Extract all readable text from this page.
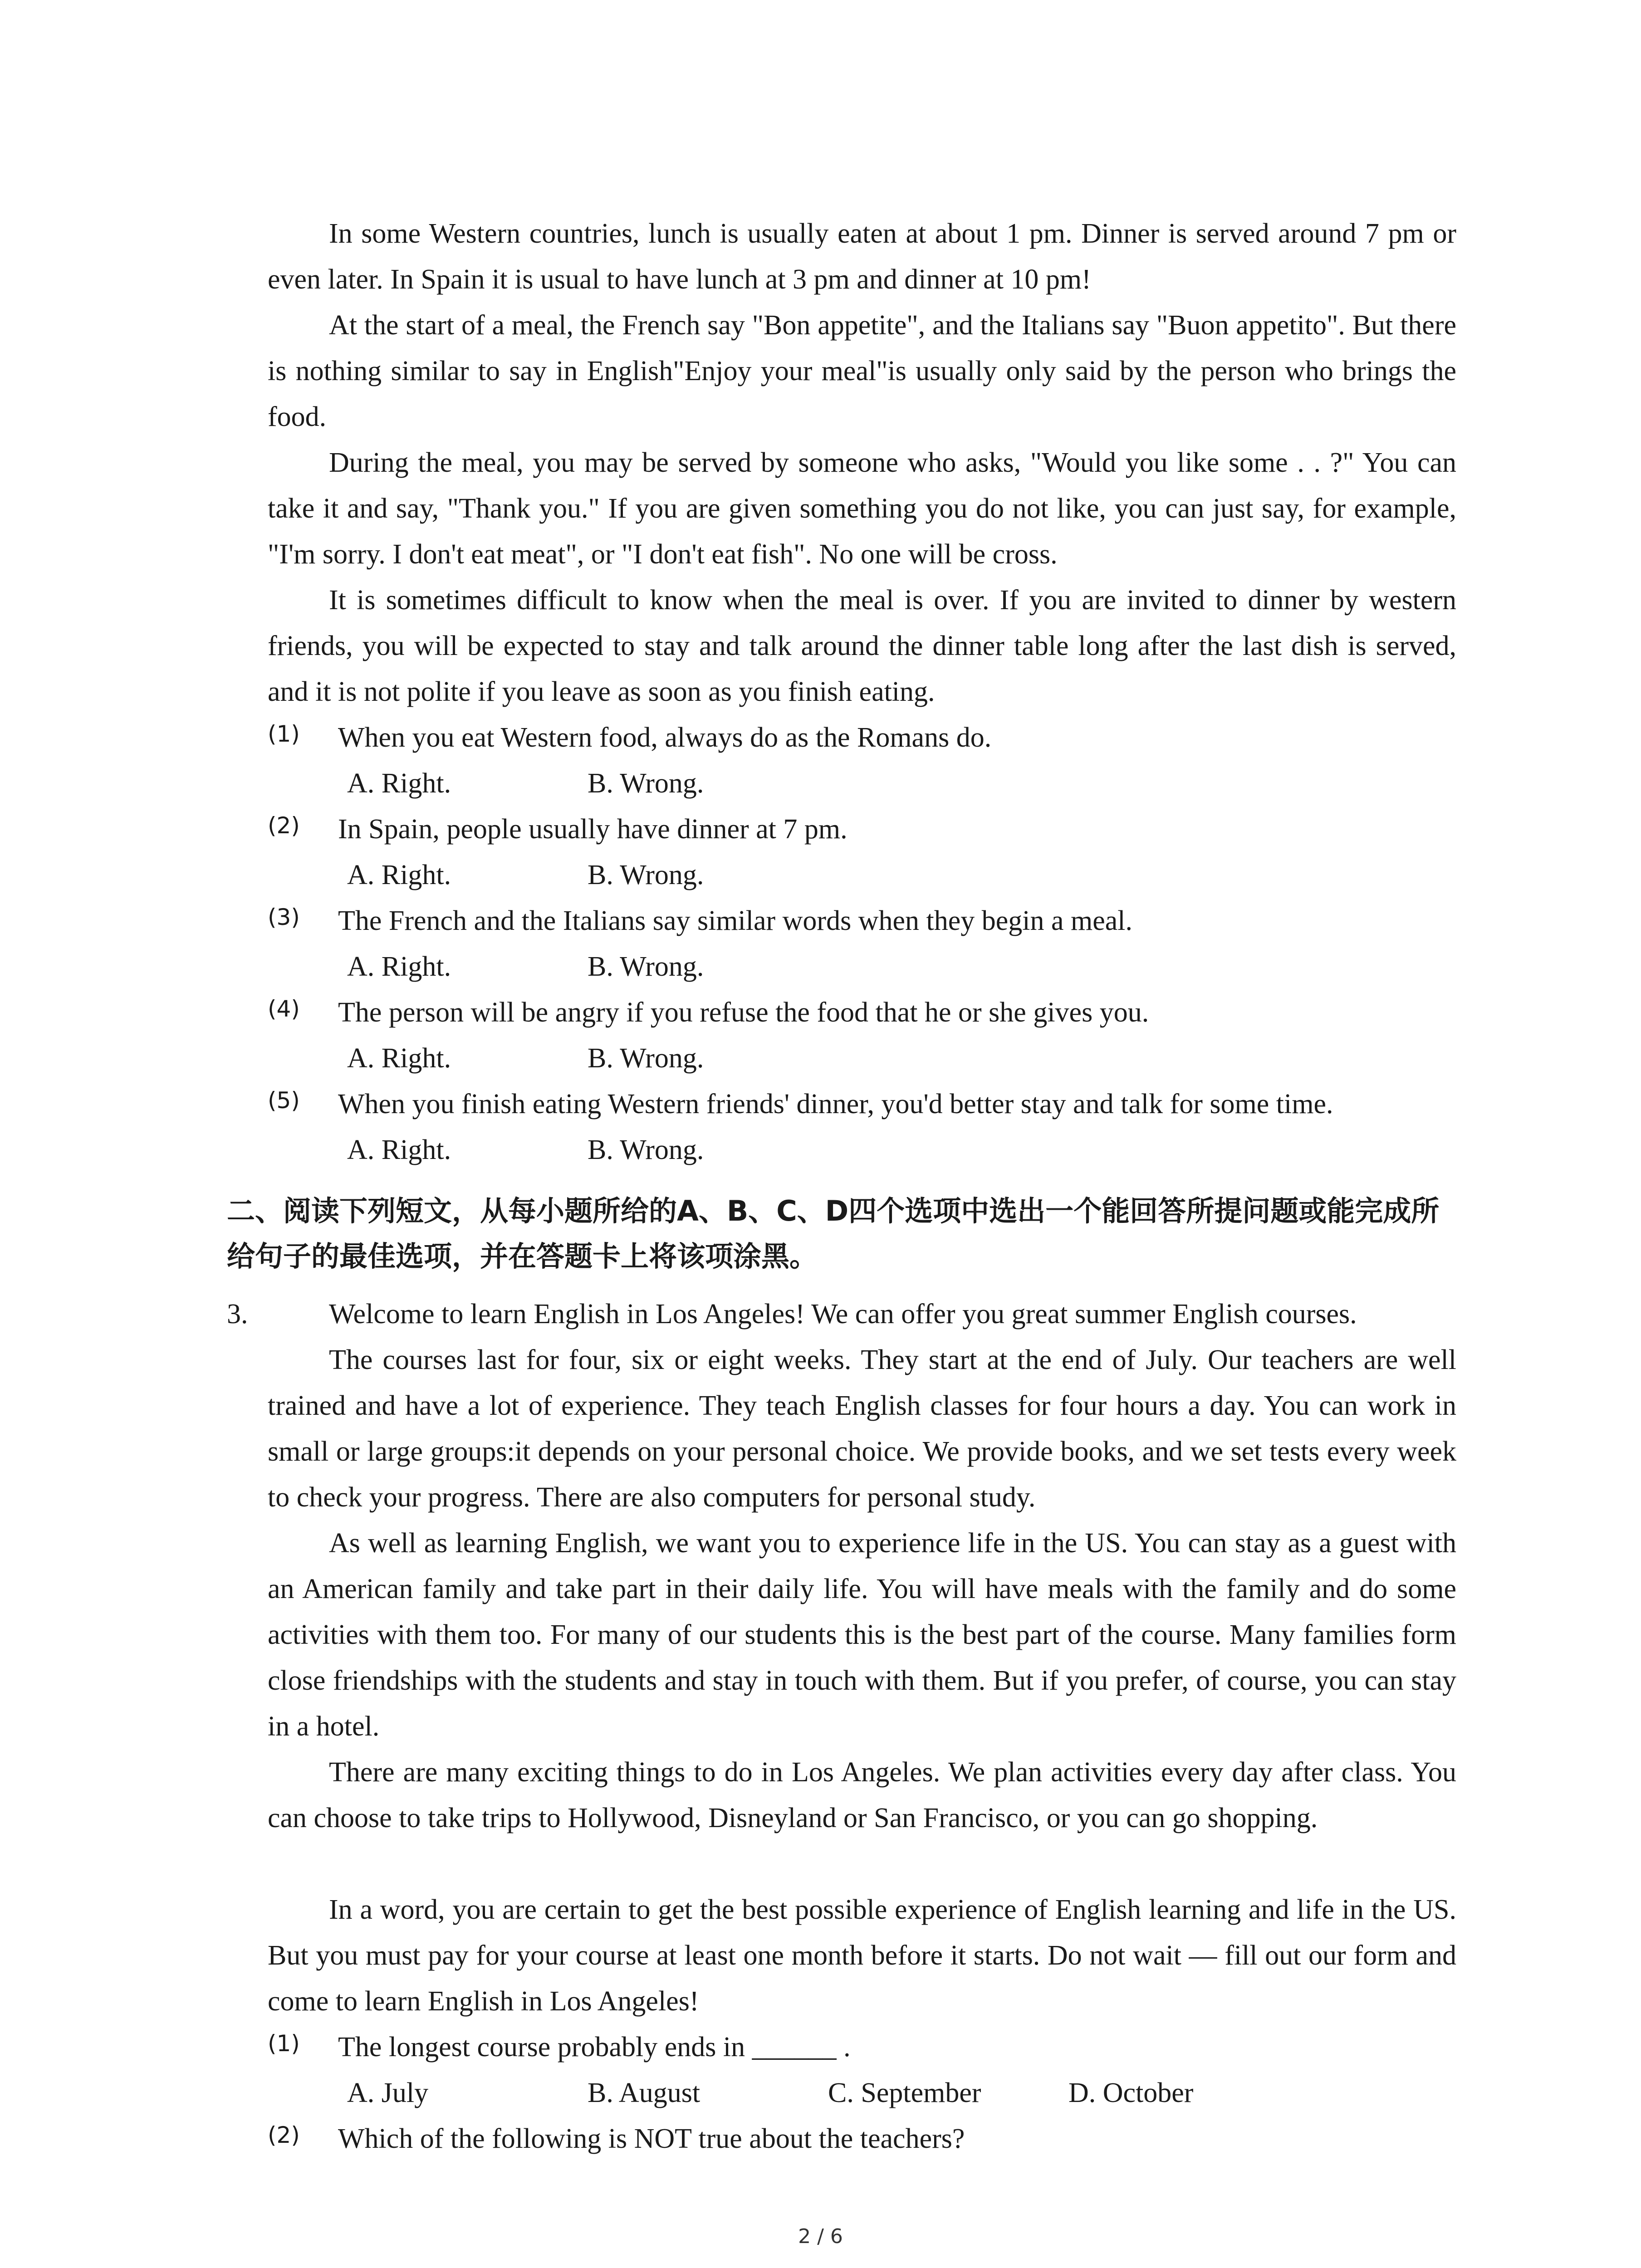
In some Western countries, lunch is usually eaten at about 1 pm. Dinner is served around 7 pm or even later. In Spain it is usual to have lunch at 3 pm and dinner at 10 pm!

At the start of a meal, the French say "Bon appetite", and the Italians say "Buon appetito". But there is nothing similar to say in English"Enjoy your meal"is usually only said by the person who brings the food.

During the meal, you may be served by someone who asks, "Would you like some . . ?" You can take it and say, "Thank you." If you are given something you do not like, you can just say, for example, "I'm sorry. I don't eat meat", or "I don't eat fish". No one will be cross.

It is sometimes difficult to know when the meal is over. If you are invited to dinner by western friends, you will be expected to stay and talk around the dinner table long after the last dish is served, and it is not polite if you leave as soon as you finish eating.

(1) When you eat Western food, always do as the Romans do.
A. Right.	B. Wrong.
(2) In Spain, people usually have dinner at 7 pm.
A. Right.	B. Wrong.
(3) The French and the Italians say similar words when they begin a meal.
A. Right.	B. Wrong.
(4) The person will be angry if you refuse the food that he or she gives you.
A. Right.	B. Wrong.
(5) When you finish eating Western friends' dinner, you'd better stay and talk for some time.
A. Right.	B. Wrong.

二、阅读下列短文，从每小题所给的A、B、C、D四个选项中选出一个能回答所提问题或能完成所给句子的最佳选项，并在答题卡上将该项涂黑。

3.	Welcome to learn English in Los Angeles! We can offer you great summer English courses.

The courses last for four, six or eight weeks. They start at the end of July. Our teachers are well trained and have a lot of experience. They teach English classes for four hours a day. You can work in small or large groups:it depends on your personal choice. We provide books, and we set tests every week to check your progress. There are also computers for personal study.

As well as learning English, we want you to experience life in the US. You can stay as a guest with an American family and take part in their daily life. You will have meals with the family and do some activities with them too. For many of our students this is the best part of the course. Many families form close friendships with the students and stay in touch with them. But if you prefer, of course, you can stay in a hotel.

There are many exciting things to do in Los Angeles. We plan activities every day after class. You can choose to take trips to Hollywood, Disneyland or San Francisco, or you can go shopping.

In a word, you are certain to get the best possible experience of English learning and life in the US. But you must pay for your course at least one month before it starts. Do not wait — fill out our form and come to learn English in Los Angeles!

(1) The longest course probably ends in ______ .
A. July	B. August	C. September	D. October
(2) Which of the following is NOT true about the teachers?
2 / 6
